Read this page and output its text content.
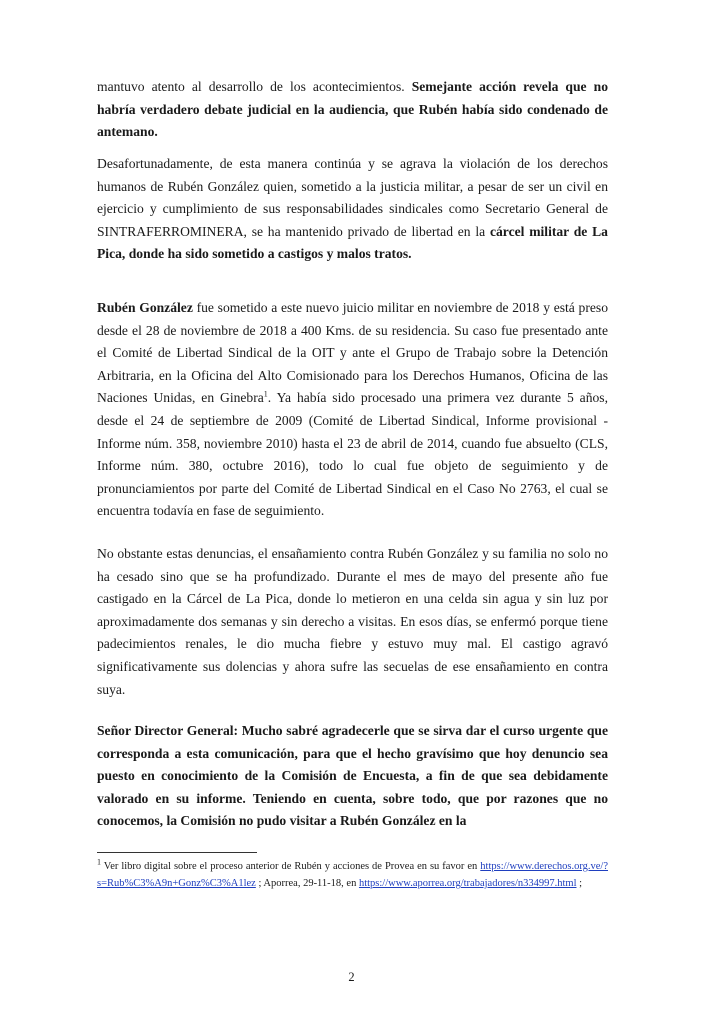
mantuvo atento al desarrollo de los acontecimientos. Semejante acción revela que no habría verdadero debate judicial en la audiencia, que Rubén había sido condenado de antemano.

Desafortunadamente, de esta manera continúa y se agrava la violación de los derechos humanos de Rubén González quien, sometido a la justicia militar, a pesar de ser un civil en ejercicio y cumplimiento de sus responsabilidades sindicales como Secretario General de SINTRAFERROMINERA, se ha mantenido privado de libertad en la cárcel militar de La Pica, donde ha sido sometido a castigos y malos tratos.

Rubén González fue sometido a este nuevo juicio militar en noviembre de 2018 y está preso desde el 28 de noviembre de 2018 a 400 Kms. de su residencia. Su caso fue presentado ante el Comité de Libertad Sindical de la OIT y ante el Grupo de Trabajo sobre la Detención Arbitraria, en la Oficina del Alto Comisionado para los Derechos Humanos, Oficina de las Naciones Unidas, en Ginebra$^1$. Ya había sido procesado una primera vez durante 5 años, desde el 24 de septiembre de 2009 (Comité de Libertad Sindical, Informe provisional - Informe núm. 358, noviembre 2010) hasta el 23 de abril de 2014, cuando fue absuelto (CLS, Informe núm. 380, octubre 2016), todo lo cual fue objeto de seguimiento y de pronunciamientos por parte del Comité de Libertad Sindical en el Caso No 2763, el cual se encuentra todavía en fase de seguimiento.

No obstante estas denuncias, el ensañamiento contra Rubén González y su familia no solo no ha cesado sino que se ha profundizado. Durante el mes de mayo del presente año fue castigado en la Cárcel de La Pica, donde lo metieron en una celda sin agua y sin luz por aproximadamente dos semanas y sin derecho a visitas. En esos días, se enfermó porque tiene padecimientos renales, le dio mucha fiebre y estuvo muy mal. El castigo agravó significativamente sus dolencias y ahora sufre las secuelas de ese ensañamiento en contra suya.

Señor Director General: Mucho sabré agradecerle que se sirva dar el curso urgente que corresponda a esta comunicación, para que el hecho gravísimo que hoy denuncio sea puesto en conocimiento de la Comisión de Encuesta, a fin de que sea debidamente valorado en su informe. Teniendo en cuenta, sobre todo, que por razones que no conocemos, la Comisión no pudo visitar a Rubén González en la

$^1$ Ver libro digital sobre el proceso anterior de Rubén y acciones de Provea en su favor en https://www.derechos.org.ve/?s=Rub%C3%A9n+Gonz%C3%A1lez ; Aporrea, 29-11-18, en https://www.aporrea.org/trabajadores/n334997.html ;

2
